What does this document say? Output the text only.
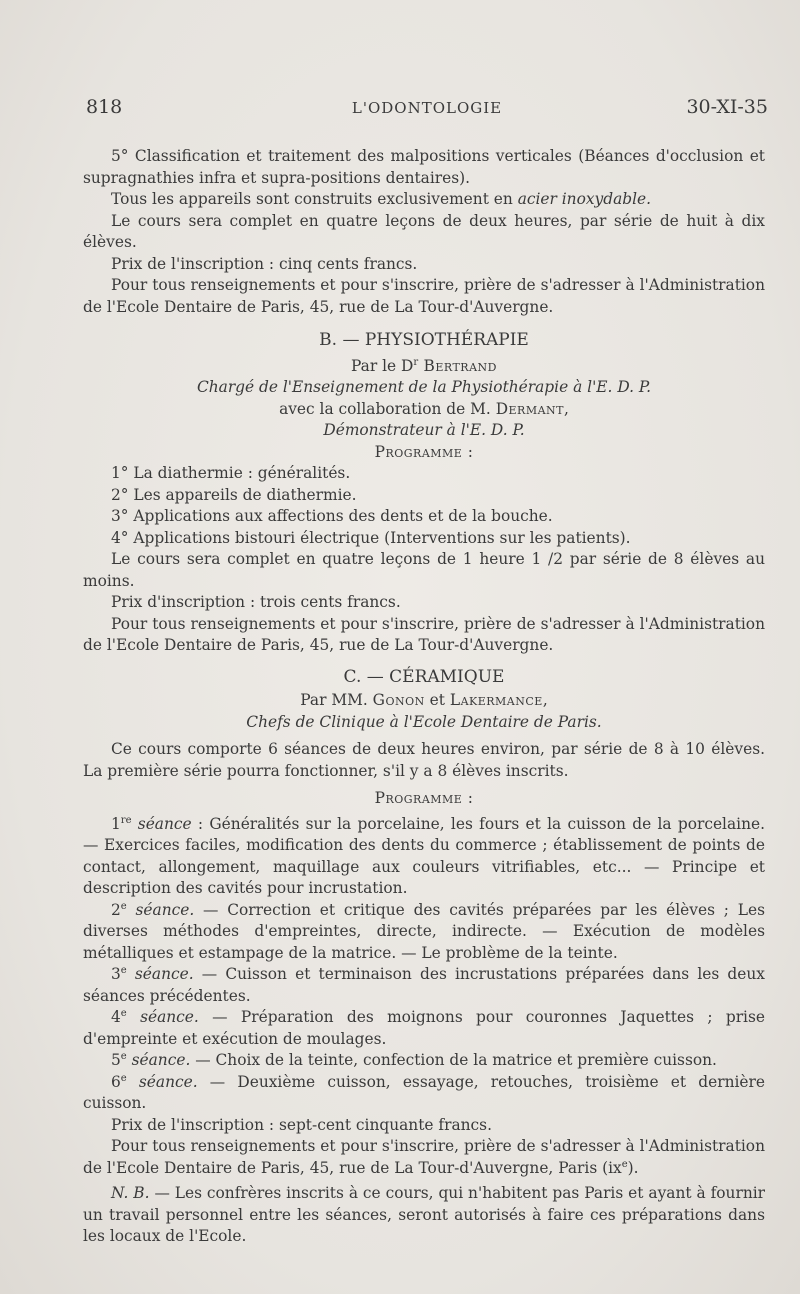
818	L'ODONTOLOGIE	30-XI-35

5° Classification et traitement des malpositions verticales (Béances d'occlusion et supragnathies infra et supra-positions dentaires).

Tous les appareils sont construits exclusivement en acier inoxydable.

Le cours sera complet en quatre leçons de deux heures, par série de huit à dix élèves.

Prix de l'inscription : cinq cents francs.

Pour tous renseignements et pour s'inscrire, prière de s'adresser à l'Administration de l'Ecole Dentaire de Paris, 45, rue de La Tour-d'Auvergne.

B. — PHYSIOTHÉRAPIE

Par le $D^r$ Bertrand

Chargé de l'Enseignement de la Physiothérapie à l'E. D. P.

avec la collaboration de M. Dermant,

Démonstrateur à l'E. D. P.

Programme :

1° La diathermie : généralités.

2° Les appareils de diathermie.

3° Applications aux affections des dents et de la bouche.

4° Applications bistouri électrique (Interventions sur les patients).

Le cours sera complet en quatre leçons de 1 heure 1 /2 par série de 8 élèves au moins.

Prix d'inscription : trois cents francs.

Pour tous renseignements et pour s'inscrire, prière de s'adresser à l'Administration de l'Ecole Dentaire de Paris, 45, rue de La Tour-d'Auvergne.

C. — CÉRAMIQUE

Par MM. Gonon et Lakermance,

Chefs de Clinique à l'Ecole Dentaire de Paris.

Ce cours comporte 6 séances de deux heures environ, par série de 8 à 10 élèves. La première série pourra fonctionner, s'il y a 8 élèves inscrits.

Programme :

1re séance : Généralités sur la porcelaine, les fours et la cuisson de la porcelaine. — Exercices faciles, modification des dents du commerce ; établissement de points de contact, allongement, maquillage aux couleurs vitrifiables, etc... — Principe et description des cavités pour incrustation.

2e séance. — Correction et critique des cavités préparées par les élèves ; Les diverses méthodes d'empreintes, directe, indirecte. — Exécution de modèles métalliques et estampage de la matrice. — Le problème de la teinte.

3e séance. — Cuisson et terminaison des incrustations préparées dans les deux séances précédentes.

4e séance. — Préparation des moignons pour couronnes Jaquettes ; prise d'empreinte et exécution de moulages.

5e séance. — Choix de la teinte, confection de la matrice et première cuisson.

6e séance. — Deuxième cuisson, essayage, retouches, troisième et dernière cuisson.

Prix de l'inscription : sept-cent cinquante francs.

Pour tous renseignements et pour s'inscrire, prière de s'adresser à l'Administration de l'Ecole Dentaire de Paris, 45, rue de La Tour-d'Auvergne, Paris $(ix^e)$.

N. B. — Les confrères inscrits à ce cours, qui n'habitent pas Paris et ayant à fournir un travail personnel entre les séances, seront autorisés à faire ces préparations dans les locaux de l'Ecole.
